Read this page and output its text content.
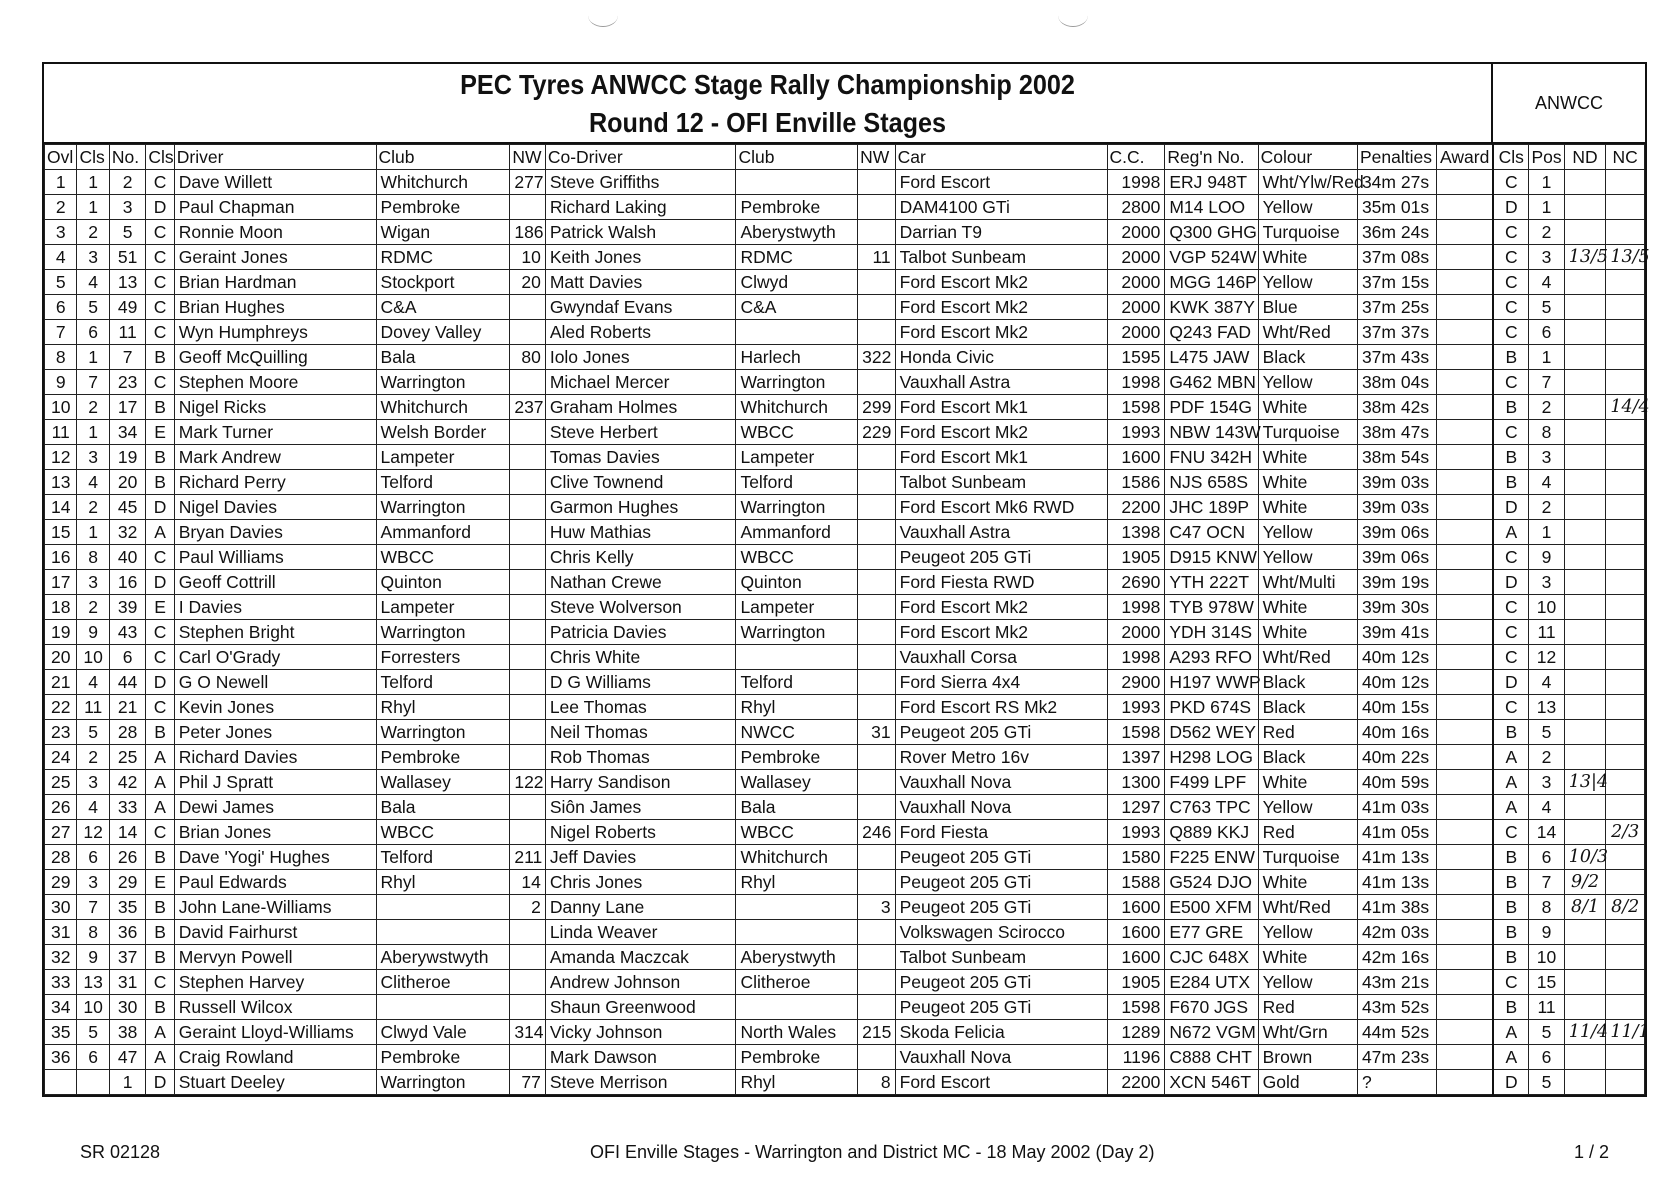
PEC Tyres ANWCC Stage Rally Championship 2002
Round 12 - OFI Enville Stages
ANWCC
Ovl	Cls	No.	Cls	Driver	Club	NW	Co-Driver	Club	NW	Car	C.C.	Reg'n No.	Colour	Penalties	Award	Cls	Pos	ND	NC
1	1	2	C	Dave Willett	Whitchurch	277	Steve Griffiths			Ford Escort	1998	ERJ 948T	Wht/Ylw/Red	34m 27s		C	1		
2	1	3	D	Paul Chapman	Pembroke		Richard Laking	Pembroke		DAM4100 GTi	2800	M14 LOO	Yellow	35m 01s		D	1		
3	2	5	C	Ronnie Moon	Wigan	186	Patrick Walsh	Aberystwyth		Darrian T9	2000	Q300 GHG	Turquoise	36m 24s		C	2		
4	3	51	C	Geraint Jones	RDMC	10	Keith Jones	RDMC	11	Talbot Sunbeam	2000	VGP 524W	White	37m 08s		C	3	13/5	13/5
5	4	13	C	Brian Hardman	Stockport	20	Matt Davies	Clwyd		Ford Escort Mk2	2000	MGG 146P	Yellow	37m 15s		C	4		
6	5	49	C	Brian Hughes	C&A		Gwyndaf Evans	C&A		Ford Escort Mk2	2000	KWK 387Y	Blue	37m 25s		C	5		
7	6	11	C	Wyn Humphreys	Dovey Valley		Aled Roberts			Ford Escort Mk2	2000	Q243 FAD	Wht/Red	37m 37s		C	6		
8	1	7	B	Geoff McQuilling	Bala	80	Iolo Jones	Harlech	322	Honda Civic	1595	L475 JAW	Black	37m 43s		B	1		
9	7	23	C	Stephen Moore	Warrington		Michael Mercer	Warrington		Vauxhall Astra	1998	G462 MBN	Yellow	38m 04s		C	7		
10	2	17	B	Nigel Ricks	Whitchurch	237	Graham Holmes	Whitchurch	299	Ford Escort Mk1	1598	PDF 154G	White	38m 42s		B	2		14/4
11	1	34	E	Mark Turner	Welsh Border		Steve Herbert	WBCC	229	Ford Escort Mk2	1993	NBW 143W	Turquoise	38m 47s		C	8		
12	3	19	B	Mark Andrew	Lampeter		Tomas Davies	Lampeter		Ford Escort Mk1	1600	FNU 342H	White	38m 54s		B	3		
13	4	20	B	Richard Perry	Telford		Clive Townend	Telford		Talbot Sunbeam	1586	NJS 658S	White	39m 03s		B	4		
14	2	45	D	Nigel Davies	Warrington		Garmon Hughes	Warrington		Ford Escort Mk6 RWD	2200	JHC 189P	White	39m 03s		D	2		
15	1	32	A	Bryan Davies	Ammanford		Huw Mathias	Ammanford		Vauxhall Astra	1398	C47 OCN	Yellow	39m 06s		A	1		
16	8	40	C	Paul Williams	WBCC		Chris Kelly	WBCC		Peugeot 205 GTi	1905	D915 KNW	Yellow	39m 06s		C	9		
17	3	16	D	Geoff Cottrill	Quinton		Nathan Crewe	Quinton		Ford Fiesta RWD	2690	YTH 222T	Wht/Multi	39m 19s		D	3		
18	2	39	E	I Davies	Lampeter		Steve Wolverson	Lampeter		Ford Escort Mk2	1998	TYB 978W	White	39m 30s		C	10		
19	9	43	C	Stephen Bright	Warrington		Patricia Davies	Warrington		Ford Escort Mk2	2000	YDH 314S	White	39m 41s		C	11		
20	10	6	C	Carl O'Grady	Forresters		Chris White			Vauxhall Corsa	1998	A293 RFO	Wht/Red	40m 12s		C	12		
21	4	44	D	G O Newell	Telford		D G Williams	Telford		Ford Sierra 4x4	2900	H197 WWP	Black	40m 12s		D	4		
22	11	21	C	Kevin Jones	Rhyl		Lee Thomas	Rhyl		Ford Escort RS Mk2	1993	PKD 674S	Black	40m 15s		C	13		
23	5	28	B	Peter Jones	Warrington		Neil Thomas	NWCC	31	Peugeot 205 GTi	1598	D562 WEY	Red	40m 16s		B	5		
24	2	25	A	Richard Davies	Pembroke		Rob Thomas	Pembroke		Rover Metro 16v	1397	H298 LOG	Black	40m 22s		A	2		
25	3	42	A	Phil J Spratt	Wallasey	122	Harry Sandison	Wallasey		Vauxhall Nova	1300	F499 LPF	White	40m 59s		A	3	13|4	
26	4	33	A	Dewi James	Bala		Siôn James	Bala		Vauxhall Nova	1297	C763 TPC	Yellow	41m 03s		A	4		
27	12	14	C	Brian Jones	WBCC		Nigel Roberts	WBCC	246	Ford Fiesta	1993	Q889 KKJ	Red	41m 05s		C	14		2/3
28	6	26	B	Dave 'Yogi' Hughes	Telford	211	Jeff Davies	Whitchurch		Peugeot 205 GTi	1580	F225 ENW	Turquoise	41m 13s		B	6	10/3	
29	3	29	E	Paul Edwards	Rhyl	14	Chris Jones	Rhyl		Peugeot 205 GTi	1588	G524 DJO	White	41m 13s		B	7	9/2	
30	7	35	B	John Lane-Williams		2	Danny Lane		3	Peugeot 205 GTi	1600	E500 XFM	Wht/Red	41m 38s		B	8	8/1	8/2
31	8	36	B	David Fairhurst			Linda Weaver			Volkswagen Scirocco	1600	E77 GRE	Yellow	42m 03s		B	9		
32	9	37	B	Mervyn Powell	Aberywstwyth		Amanda Maczcak	Aberystwyth		Talbot Sunbeam	1600	CJC 648X	White	42m 16s		B	10		
33	13	31	C	Stephen Harvey	Clitheroe		Andrew Johnson	Clitheroe		Peugeot 205 GTi	1905	E284 UTX	Yellow	43m 21s		C	15		
34	10	30	B	Russell Wilcox			Shaun Greenwood			Peugeot 205 GTi	1598	F670 JGS	Red	43m 52s		B	11		
35	5	38	A	Geraint Lloyd-Williams	Clwyd Vale	314	Vicky Johnson	North Wales	215	Skoda Felicia	1289	N672 VGM	Wht/Grn	44m 52s		A	5	11/4	11/1
36	6	47	A	Craig Rowland	Pembroke		Mark Dawson	Pembroke		Vauxhall Nova	1196	C888 CHT	Brown	47m 23s		A	6		
		1	D	Stuart Deeley	Warrington	77	Steve Merrison	Rhyl	8	Ford Escort	2200	XCN 546T	Gold	?		D	5		
SR 02128	OFI Enville Stages - Warrington and District MC - 18 May 2002 (Day 2)	1 / 2
